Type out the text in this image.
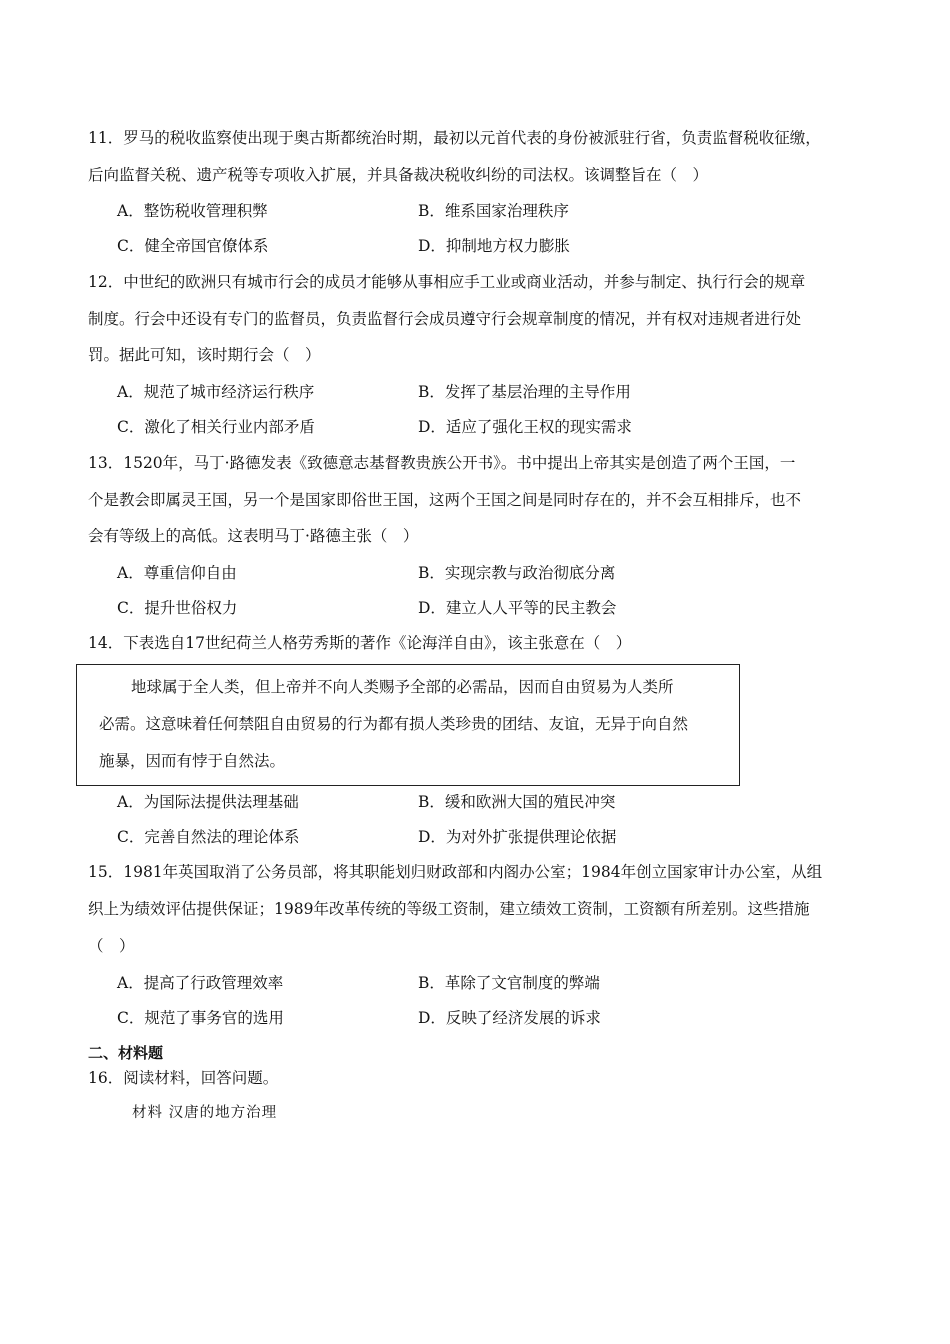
11．罗马的税收监察使出现于奥古斯都统治时期，最初以元首代表的身份被派驻行省，负责监督税收征缴，
后向监督关税、遗产税等专项收入扩展，并具备裁决税收纠纷的司法权。该调整旨在（　）
A．整饬税收管理积弊	B．维系国家治理秩序
C．健全帝国官僚体系	D．抑制地方权力膨胀
12．中世纪的欧洲只有城市行会的成员才能够从事相应手工业或商业活动，并参与制定、执行行会的规章
制度。行会中还设有专门的监督员，负责监督行会成员遵守行会规章制度的情况，并有权对违规者进行处
罚。据此可知，该时期行会（　）
A．规范了城市经济运行秩序	B．发挥了基层治理的主导作用
C．激化了相关行业内部矛盾	D．适应了强化王权的现实需求
13．1520年，马丁·路德发表《致德意志基督教贵族公开书》。书中提出上帝其实是创造了两个王国，一
个是教会即属灵王国，另一个是国家即俗世王国，这两个王国之间是同时存在的，并不会互相排斥，也不
会有等级上的高低。这表明马丁·路德主张（　）
A．尊重信仰自由	B．实现宗教与政治彻底分离
C．提升世俗权力	D．建立人人平等的民主教会
14．下表选自17世纪荷兰人格劳秀斯的著作《论海洋自由》，该主张意在（　）
地球属于全人类，但上帝并不向人类赐予全部的必需品，因而自由贸易为人类所
必需。这意味着任何禁阻自由贸易的行为都有损人类珍贵的团结、友谊，无异于向自然
施暴，因而有悖于自然法。
A．为国际法提供法理基础	B．缓和欧洲大国的殖民冲突
C．完善自然法的理论体系	D．为对外扩张提供理论依据
15．1981年英国取消了公务员部，将其职能划归财政部和内阁办公室；1984年创立国家审计办公室，从组
织上为绩效评估提供保证；1989年改革传统的等级工资制，建立绩效工资制，工资额有所差别。这些措施
（　）
A．提高了行政管理效率	B．革除了文官制度的弊端
C．规范了事务官的选用	D．反映了经济发展的诉求
二、材料题
16．阅读材料，回答问题。
材料 汉唐的地方治理
